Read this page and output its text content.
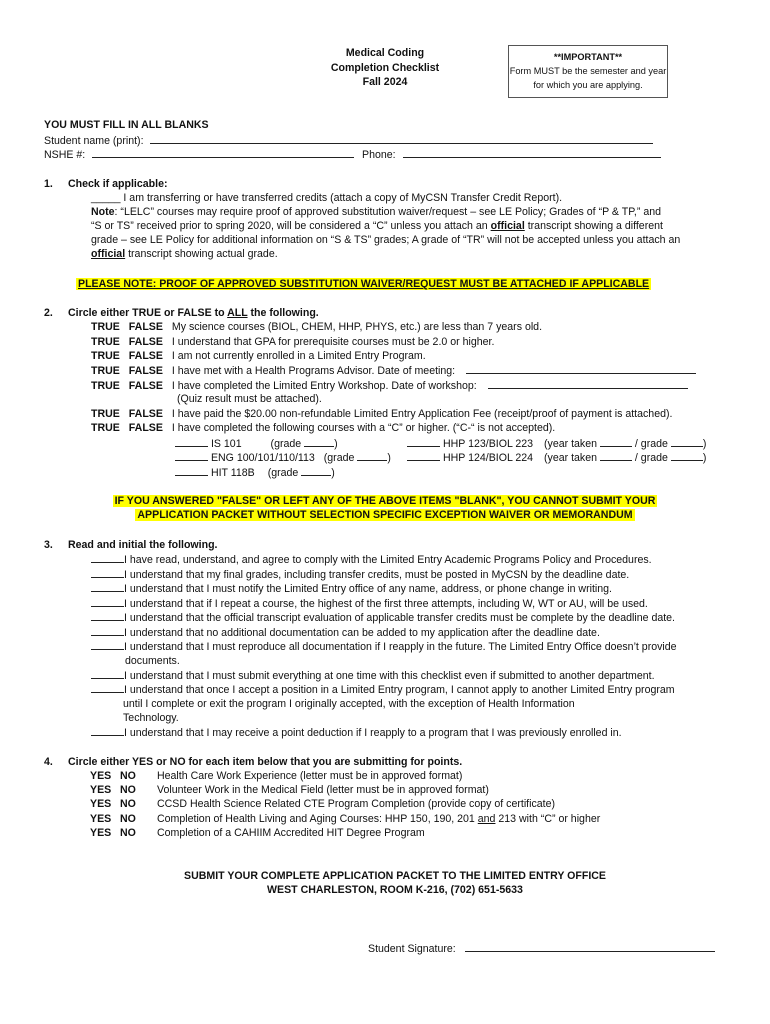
Medical Coding
Completion Checklist
Fall 2024
**IMPORTANT**
Form MUST be the semester and year
for which you are applying.
YOU MUST FILL IN ALL BLANKS
Student name (print):
NSHE #:	Phone:
1. Check if applicable:
_____ I am transferring or have transferred credits (attach a copy of MyCSN Transfer Credit Report).
Note: “LELC” courses may require proof of approved substitution waiver/request – see LE Policy; Grades of “P & TP,” and
“S or TS” received prior to spring 2020, will be considered a “C” unless you attach an official transcript showing a different
grade – see LE Policy for additional information on “S & TS” grades; A grade of “TR” will not be accepted unless you attach an
official transcript showing actual grade.
PLEASE NOTE: PROOF OF APPROVED SUBSTITUTION WAIVER/REQUEST MUST BE ATTACHED IF APPLICABLE
2. Circle either TRUE or FALSE to ALL the following.
TRUE FALSE My science courses (BIOL, CHEM, HHP, PHYS, etc.) are less than 7 years old.
TRUE FALSE I understand that GPA for prerequisite courses must be 2.0 or higher.
TRUE FALSE I am not currently enrolled in a Limited Entry Program.
TRUE FALSE I have met with a Health Programs Advisor. Date of meeting:
TRUE FALSE I have completed the Limited Entry Workshop. Date of workshop:
(Quiz result must be attached).
TRUE FALSE I have paid the $20.00 non-refundable Limited Entry Application Fee (receipt/proof of payment is attached).
TRUE FALSE I have completed the following courses with a “C” or higher. (“C-“ is not accepted).
IS 101	(grade	)	HHP 123/BIOL 223 (year taken	/ grade	)
ENG 100/101/110/113 (grade	)	HHP 124/BIOL 224 (year taken	/ grade	)
HIT 118B (grade	)
IF YOU ANSWERED "FALSE" OR LEFT ANY OF THE ABOVE ITEMS "BLANK", YOU CANNOT SUBMIT YOUR
APPLICATION PACKET WITHOUT SELECTION SPECIFIC EXCEPTION WAIVER OR MEMORANDUM
3. Read and initial the following.
I have read, understand, and agree to comply with the Limited Entry Academic Programs Policy and Procedures.
I understand that my final grades, including transfer credits, must be posted in MyCSN by the deadline date.
I understand that I must notify the Limited Entry office of any name, address, or phone change in writing.
I understand that if I repeat a course, the highest of the first three attempts, including W, WT or AU, will be used.
I understand that the official transcript evaluation of applicable transfer credits must be complete by the deadline date.
I understand that no additional documentation can be added to my application after the deadline date.
I understand that I must reproduce all documentation if I reapply in the future. The Limited Entry Office doesn’t provide
documents.
I understand that I must submit everything at one time with this checklist even if submitted to another department.
I understand that once I accept a position in a Limited Entry program, I cannot apply to another Limited Entry program
until I complete or exit the program I originally accepted, with the exception of Health Information
Technology.
I understand that I may receive a point deduction if I reapply to a program that I was previously enrolled in.
4. Circle either YES or NO for each item below that you are submitting for points.
YES NO Health Care Work Experience (letter must be in approved format)
YES NO Volunteer Work in the Medical Field (letter must be in approved format)
YES NO CCSD Health Science Related CTE Program Completion (provide copy of certificate)
YES NO Completion of Health Living and Aging Courses: HHP 150, 190, 201 and 213 with “C” or higher
YES NO Completion of a CAHIIM Accredited HIT Degree Program
SUBMIT YOUR COMPLETE APPLICATION PACKET TO THE LIMITED ENTRY OFFICE
WEST CHARLESTON, ROOM K-216, (702) 651-5633
Student Signature:
